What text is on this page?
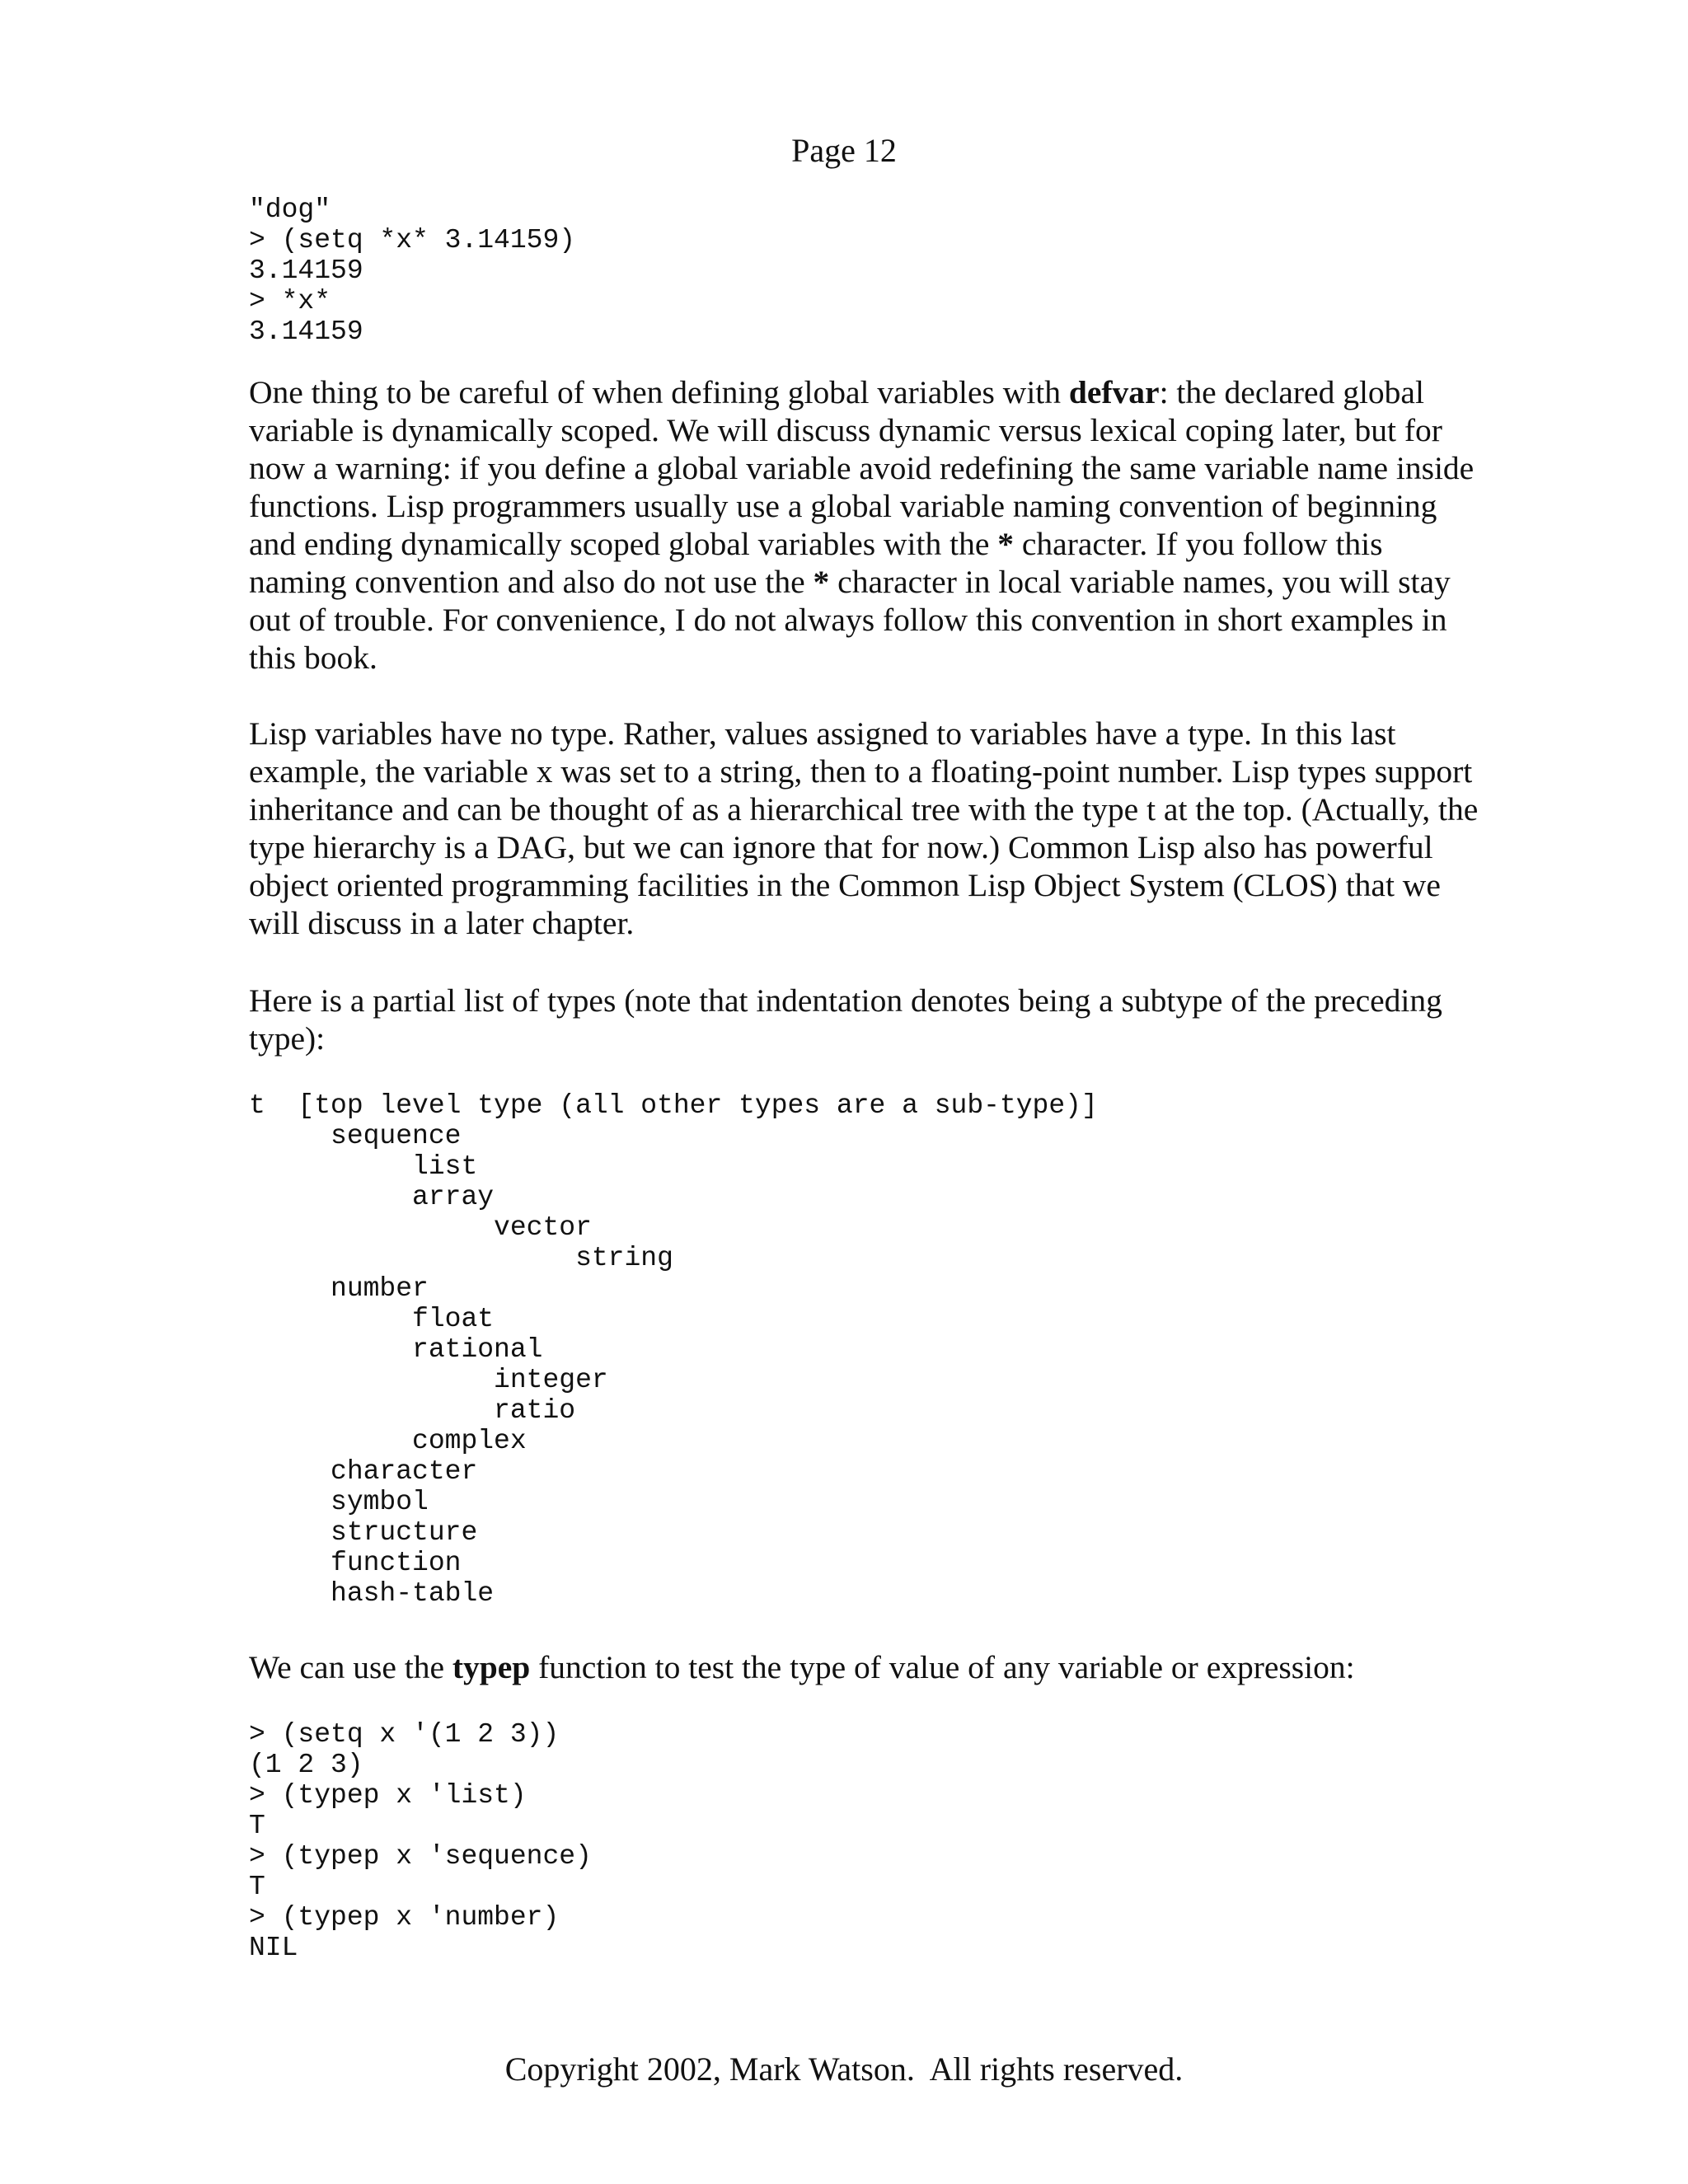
Page 12
"dog"
> (setq *x* 3.14159)
3.14159
> *x*
3.14159

One thing to be careful of when defining global variables with defvar: the declared global variable is dynamically scoped. We will discuss dynamic versus lexical coping later, but for now a warning: if you define a global variable avoid redefining the same variable name inside functions. Lisp programmers usually use a global variable naming convention of beginning and ending dynamically scoped global variables with the * character. If you follow this naming convention and also do not use the * character in local variable names, you will stay out of trouble. For convenience, I do not always follow this convention in short examples in this book.

Lisp variables have no type. Rather, values assigned to variables have a type. In this last example, the variable x was set to a string, then to a floating-point number. Lisp types support inheritance and can be thought of as a hierarchical tree with the type t at the top. (Actually, the type hierarchy is a DAG, but we can ignore that for now.) Common Lisp also has powerful object oriented programming facilities in the Common Lisp Object System (CLOS) that we will discuss in a later chapter.

Here is a partial list of types (note that indentation denotes being a subtype of the preceding type):

t  [top level type (all other types are a sub-type)]
sequence
list
array
vector
string
number
float
rational
integer
ratio
complex
character
symbol
structure
function
hash-table

We can use the typep function to test the type of value of any variable or expression:

> (setq x '(1 2 3))
(1 2 3)
> (typep x 'list)
T
> (typep x 'sequence)
T
> (typep x 'number)
NIL
Copyright 2002, Mark Watson.  All rights reserved.
